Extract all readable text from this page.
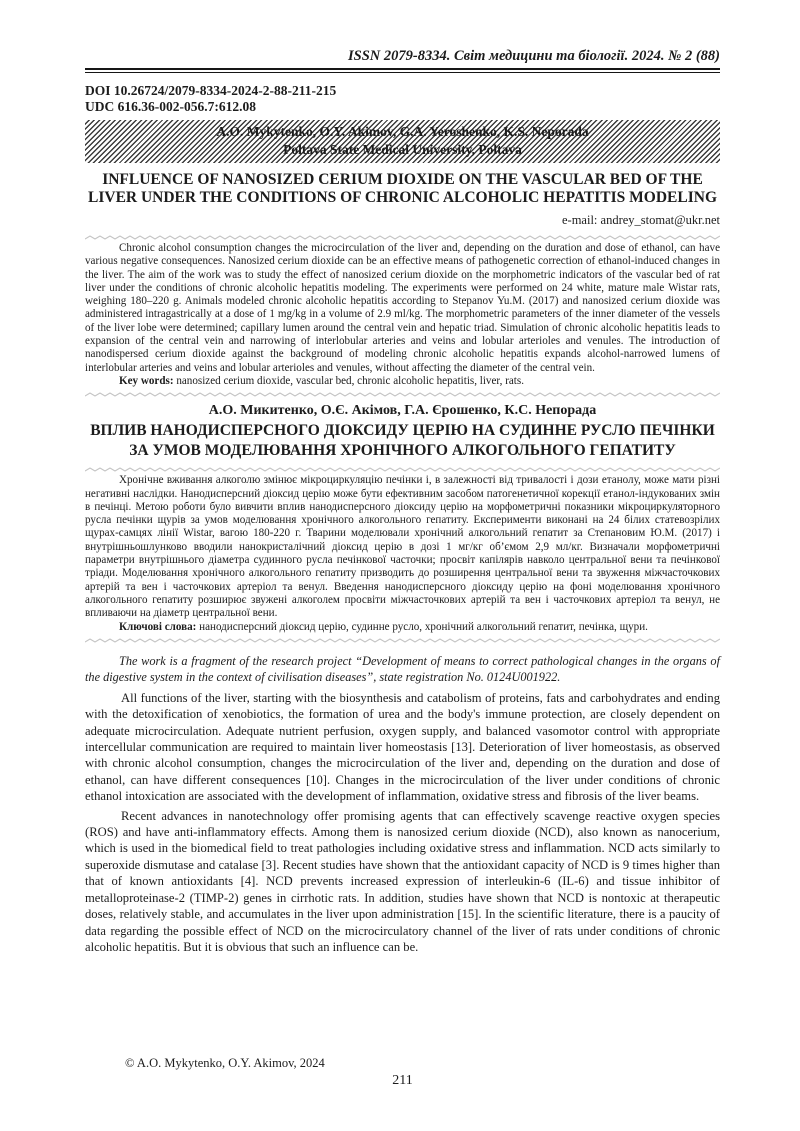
ISSN 2079-8334. Світ медицини та біології. 2024. № 2 (88)
DOI 10.26724/2079-8334-2024-2-88-211-215
UDC 616.36-002-056.7:612.08
A.O. Mykytenko, O.Y. Akimov, G.A. Yeroshenko, K.S. Neporada
Poltava State Medical University, Poltava
INFLUENCE OF NANOSIZED CERIUM DIOXIDE ON THE VASCULAR BED OF THE LIVER UNDER THE CONDITIONS OF CHRONIC ALCOHOLIC HEPATITIS MODELING
e-mail: andrey_stomat@ukr.net

Chronic alcohol consumption changes the microcirculation of the liver and, depending on the duration and dose of ethanol, can have various negative consequences. Nanosized cerium dioxide can be an effective means of pathogenetic correction of ethanol-induced changes in the liver. The aim of the work was to study the effect of nanosized cerium dioxide on the morphometric indicators of the vascular bed of rat liver under the conditions of chronic alcoholic hepatitis modeling. The experiments were performed on 24 white, mature male Wistar rats, weighing 180–220 g. Animals modeled chronic alcoholic hepatitis according to Stepanov Yu.M. (2017) and nanosized cerium dioxide was administered intragastrically at a dose of 1 mg/kg in a volume of 2.9 ml/kg. The morphometric parameters of the inner diameter of the vessels of the liver lobe were determined; capillary lumen around the central vein and hepatic triad. Simulation of chronic alcoholic hepatitis leads to expansion of the central vein and narrowing of interlobular arteries and veins and lobular arterioles and venules. The introduction of nanodispersed cerium dioxide against the background of modeling chronic alcoholic hepatitis expands alcohol-narrowed lumens of interlobular arteries and veins and lobular arterioles and venules, without affecting the diameter of the central vein.

Key words: nanosized cerium dioxide, vascular bed, chronic alcoholic hepatitis, liver, rats.

А.О. Микитенко, О.Є. Акімов, Г.А. Єрошенко, К.С. Непорада
ВПЛИВ НАНОДИСПЕРСНОГО ДІОКСИДУ ЦЕРІЮ НА СУДИННЕ РУСЛО ПЕЧІНКИ ЗА УМОВ МОДЕЛЮВАННЯ ХРОНІЧНОГО АЛКОГОЛЬНОГО ГЕПАТИТУ

Хронічне вживання алкоголю змінює мікроциркуляцію печінки і, в залежності від тривалості і дози етанолу, може мати різні негативні наслідки. Нанодисперсний діоксид церію може бути ефективним засобом патогенетичної корекції етанол-індукованих змін в печінці. Метою роботи було вивчити вплив нанодисперсного діоксиду церію на морфометричні показники мікроциркуляторного русла печінки щурів за умов моделювання хронічного алкогольного гепатиту. Експерименти виконані на 24 білих статевозрілих щурах-самцях лінії Wistar, вагою 180-220 г. Тварини моделювали хронічний алкогольний гепатит за Степановим Ю.М. (2017) і внутрішньошлунково вводили нанокристалічний діоксид церію в дозі 1 мг/кг об’ємом 2,9 мл/кг. Визначали морфометричні параметри внутрішнього діаметра судинного русла печінкової часточки; просвіт капілярів навколо центральної вени та печінкової тріади. Моделювання хронічного алкогольного гепатиту призводить до розширення центральної вени та звуження міжчасточкових артерій та вен і часточкових артеріол та венул. Введення нанодисперсного діоксиду церію на фоні моделювання хронічного алкогольного гепатиту розширює звужені алкоголем просвіти міжчасточкових артерій та вен і часточкових артеріол та венул, не впливаючи на діаметр центральної вени.

Ключові слова: нанодисперсний діоксид церію, судинне русло, хронічний алкогольний гепатит, печінка, щури.

The work is a fragment of the research project “Development of means to correct pathological changes in the organs of the digestive system in the context of civilisation diseases”, state registration No. 0124U001922.

All functions of the liver, starting with the biosynthesis and catabolism of proteins, fats and carbohydrates and ending with the detoxification of xenobiotics, the formation of urea and the body's immune protection, are closely dependent on adequate microcirculation. Adequate nutrient perfusion, oxygen supply, and balanced vasomotor control with appropriate intercellular communication are required to maintain liver homeostasis [13]. Deterioration of liver homeostasis, as observed with chronic alcohol consumption, changes the microcirculation of the liver and, depending on the duration and dose of ethanol, can have different consequences [10]. Changes in the microcirculation of the liver under conditions of chronic ethanol intoxication are associated with the development of inflammation, oxidative stress and fibrosis of the liver beams.

Recent advances in nanotechnology offer promising agents that can effectively scavenge reactive oxygen species (ROS) and have anti-inflammatory effects. Among them is nanosized cerium dioxide (NCD), also known as nanocerium, which is used in the biomedical field to treat pathologies including oxidative stress and inflammation. NCD acts similarly to superoxide dismutase and catalase [3]. Recent studies have shown that the antioxidant capacity of NCD is 9 times higher than that of known antioxidants [4]. NCD prevents increased expression of interleukin-6 (IL-6) and tissue inhibitor of metalloproteinase-2 (TIMP-2) genes in cirrhotic rats. In addition, studies have shown that NCD is nontoxic at therapeutic doses, relatively stable, and accumulates in the liver upon administration [15]. In the scientific literature, there is a paucity of data regarding the possible effect of NCD on the microcirculatory channel of the liver of rats under conditions of chronic alcoholic hepatitis. But it is obvious that such an influence can be.

© A.O. Mykytenko, O.Y. Akimov, 2024
211
